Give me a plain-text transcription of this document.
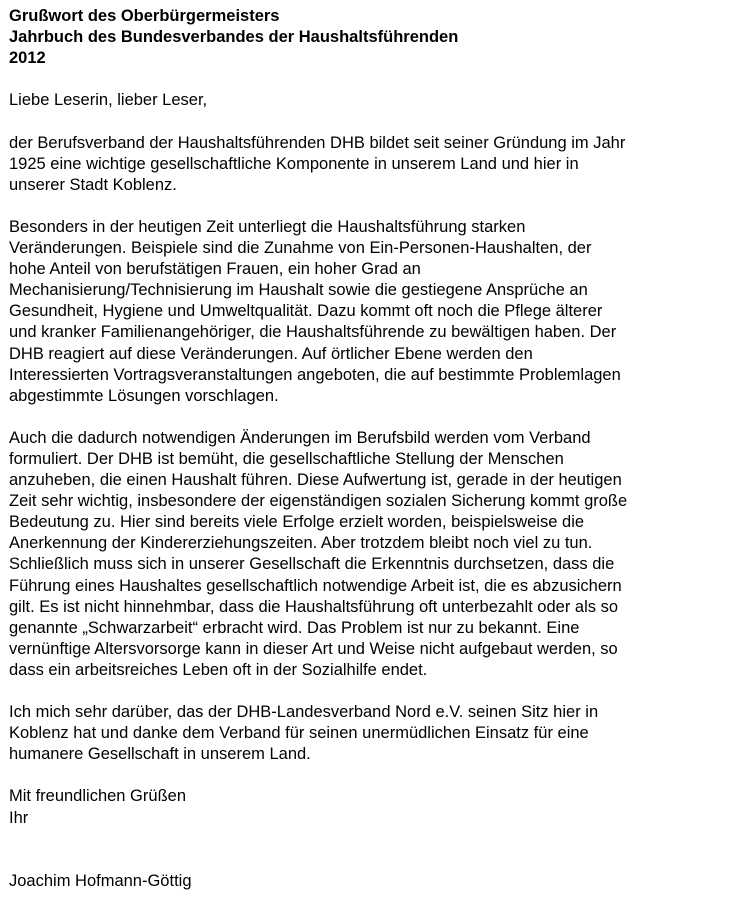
Grußwort des Oberbürgermeisters
Jahrbuch des Bundesverbandes der Haushaltsführenden
2012
Liebe Leserin, lieber Leser,
der Berufsverband der Haushaltsführenden DHB bildet seit seiner Gründung im Jahr
1925 eine wichtige gesellschaftliche Komponente in unserem Land und hier in
unserer Stadt Koblenz.
Besonders in der heutigen Zeit unterliegt die Haushaltsführung starken
Veränderungen. Beispiele sind die Zunahme von Ein-Personen-Haushalten, der
hohe Anteil von berufstätigen Frauen, ein hoher Grad an
Mechanisierung/Technisierung im Haushalt sowie die gestiegene Ansprüche an
Gesundheit, Hygiene und Umweltqualität. Dazu kommt oft noch die Pflege älterer
und kranker Familienangehöriger, die Haushaltsführende zu bewältigen haben. Der
DHB reagiert auf diese Veränderungen. Auf örtlicher Ebene werden den
Interessierten Vortragsveranstaltungen angeboten, die auf bestimmte Problemlagen
abgestimmte Lösungen vorschlagen.
Auch die dadurch notwendigen Änderungen im Berufsbild werden vom Verband
formuliert. Der DHB ist bemüht, die gesellschaftliche Stellung der Menschen
anzuheben, die einen Haushalt führen. Diese Aufwertung ist, gerade in der heutigen
Zeit sehr wichtig, insbesondere der eigenständigen sozialen Sicherung kommt große
Bedeutung zu. Hier sind bereits viele Erfolge erzielt worden, beispielsweise die
Anerkennung der Kindererziehungszeiten. Aber trotzdem bleibt noch viel zu tun.
Schließlich muss sich in unserer Gesellschaft die Erkenntnis durchsetzen, dass die
Führung eines Haushaltes gesellschaftlich notwendige Arbeit ist, die es abzusichern
gilt. Es ist nicht hinnehmbar, dass die Haushaltsführung oft unterbezahlt oder als so
genannte „Schwarzarbeit“ erbracht wird. Das Problem ist nur zu bekannt. Eine
vernünftige Altersvorsorge kann in dieser Art und Weise nicht aufgebaut werden, so
dass ein arbeitsreiches Leben oft in der Sozialhilfe endet.
Ich mich sehr darüber, das der DHB-Landesverband Nord e.V. seinen Sitz hier in
Koblenz hat und danke dem Verband für seinen unermüdlichen Einsatz für eine
humanere Gesellschaft in unserem Land.
Mit freundlichen Grüßen
Ihr
Joachim Hofmann-Göttig
